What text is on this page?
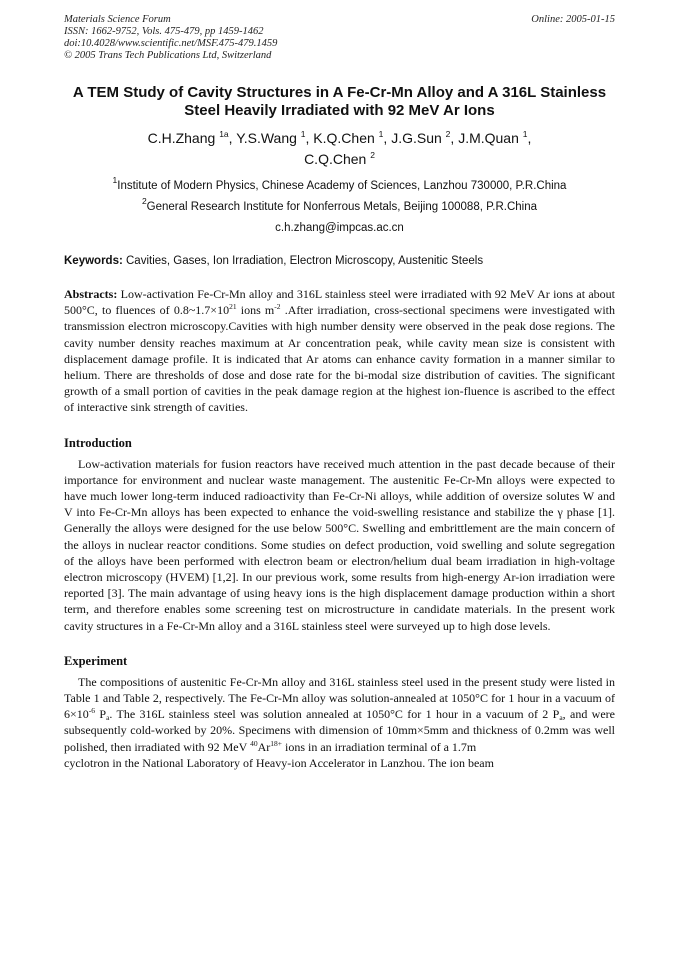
Materials Science Forum	Online: 2005-01-15
ISSN: 1662-9752, Vols. 475-479, pp 1459-1462
doi:10.4028/www.scientific.net/MSF.475-479.1459
© 2005 Trans Tech Publications Ltd, Switzerland
A TEM Study of Cavity Structures in A Fe-Cr-Mn Alloy and A 316L Stainless Steel Heavily Irradiated with 92 MeV Ar Ions
C.H.Zhang $^{1a}$, Y.S.Wang $^1$, K.Q.Chen $^1$, J.G.Sun $^2$, J.M.Quan $^1$,
C.Q.Chen $^2$
$^1$Institute of Modern Physics, Chinese Academy of Sciences, Lanzhou 730000, P.R.China
$^2$General Research Institute for Nonferrous Metals, Beijing 100088, P.R.China
c.h.zhang@impcas.ac.cn
Keywords: Cavities, Gases, Ion Irradiation, Electron Microscopy, Austenitic Steels

Abstracts: Low-activation Fe-Cr-Mn alloy and 316L stainless steel were irradiated with 92 MeV Ar ions at about 500°C, to fluences of $0.8\sim 1.7\times 10^{21}$ ions $m^{-2}$ .After irradiation, cross-sectional specimens were investigated with transmission electron microscopy.Cavities with high number density were observed in the peak dose regions. The cavity number density reaches maximum at Ar concentration peak, while cavity mean size is consistent with displacement damage profile. It is indicated that Ar atoms can enhance cavity formation in a manner similar to helium. There are thresholds of dose and dose rate for the bi-modal size distribution of cavities. The significant growth of a small portion of cavities in the peak damage region at the highest ion-fluence is ascribed to the effect of interactive sink strength of cavities.

Introduction

Low-activation materials for fusion reactors have received much attention in the past decade because of their importance for environment and nuclear waste management. The austenitic Fe-Cr-Mn alloys were expected to have much lower long-term induced radioactivity than Fe-Cr-Ni alloys, while addition of oversize solutes W and V into Fe-Cr-Mn alloys has been expected to enhance the void-swelling resistance and stabilize the γ phase [1]. Generally the alloys were designed for the use below 500°C. Swelling and embrittlement are the main concern of the alloys in nuclear reactor conditions. Some studies on defect production, void swelling and solute segregation of the alloys have been performed with electron beam or electron/helium dual beam irradiation in high-voltage electron microscopy (HVEM) [1,2]. In our previous work, some results from high-energy Ar-ion irradiation were reported [3]. The main advantage of using heavy ions is the high displacement damage production within a short term, and therefore enables some screening test on microstructure in candidate materials. In the present work cavity structures in a Fe-Cr-Mn alloy and a 316L stainless steel were surveyed up to high dose levels.

Experiment

The compositions of austenitic Fe-Cr-Mn alloy and 316L stainless steel used in the present study were listed in Table 1 and Table 2, respectively. The Fe-Cr-Mn alloy was solution-annealed at 1050°C for 1 hour in a vacuum of $6\times 10^{-6}$ $P_a$. The 316L stainless steel was solution annealed at 1050°C for 1 hour in a vacuum of 2 $P_a$, and were subsequently cold-worked by 20%. Specimens with dimension of 10mm×5mm and thickness of 0.2mm was well polished, then irradiated with 92 MeV $^{40}Ar^{18+}$ ions in an irradiation terminal of a 1.7m

cyclotron in the National Laboratory of Heavy-ion Accelerator in Lanzhou. The ion beam
